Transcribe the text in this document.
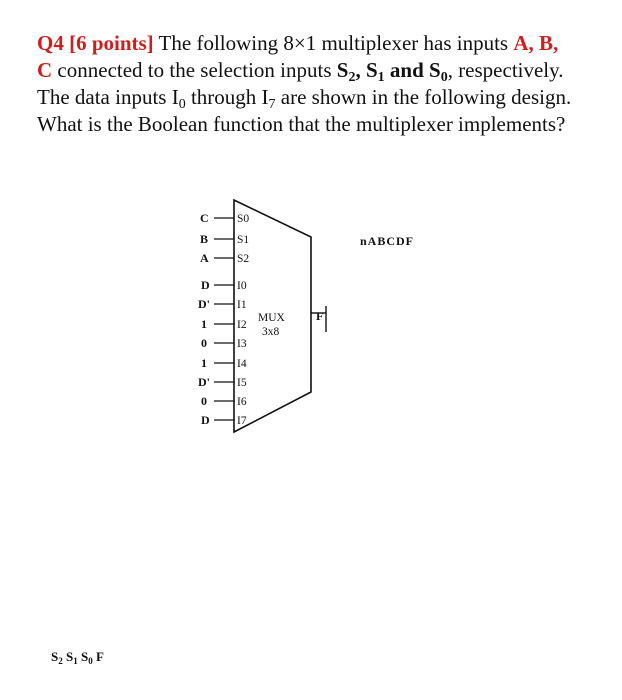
Q4 [6 points] The following 8×1 multiplexer has inputs A, B,
C connected to the selection inputs $S_2$, $S_1$ and $S_0$, respectively. The data inputs $I_0$ through $I_7$ are shown in the following design. What is the Boolean function that the multiplexer implements?
MUX
3x8
F
S0
S1
S2
C
B
A
I0
I1
I2
I3
I4
I5
I6
I7
D
D'
1
0
1
D'
0
D
nABCDF
$S_2$ $S_1$ $S_0$ F
